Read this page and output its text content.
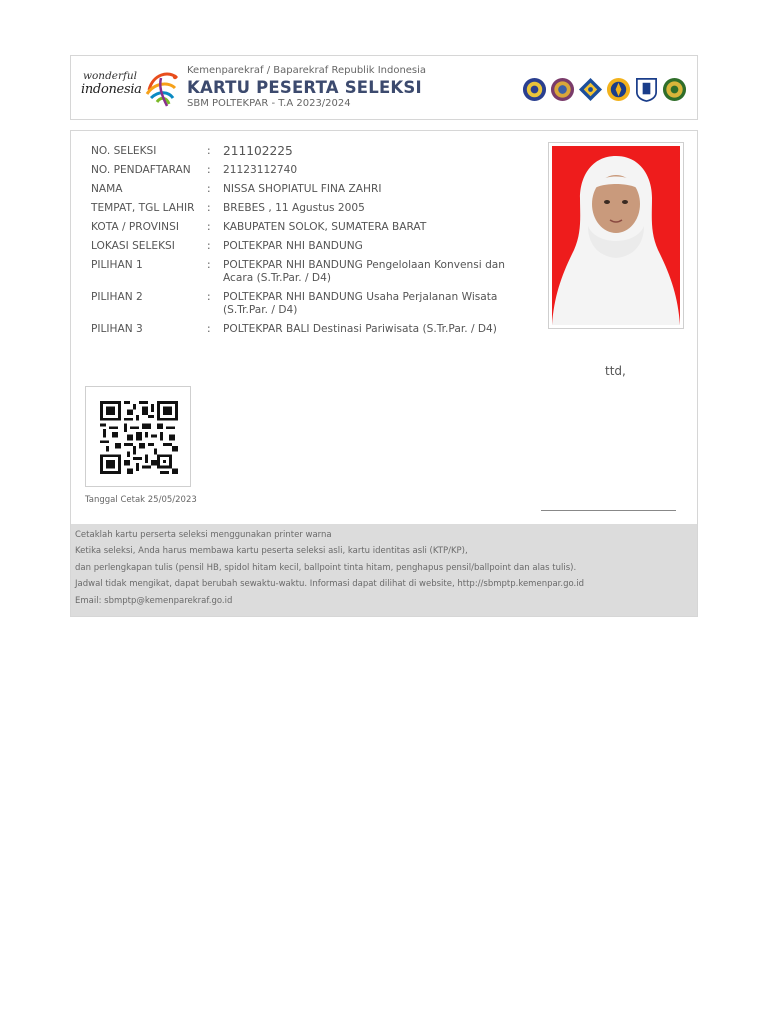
wonderful
indonesia
Kemenparekraf / Baparekraf Republik Indonesia
KARTU PESERTA SELEKSI
SBM POLTEKPAR - T.A 2023/2024
NO. SELEKSI	:	211102225
NO. PENDAFTARAN	:	21123112740
NAMA	:	NISSA SHOPIATUL FINA ZAHRI
TEMPAT, TGL LAHIR	:	BREBES , 11 Agustus 2005
KOTA / PROVINSI	:	KABUPATEN SOLOK, SUMATERA BARAT
LOKASI SELEKSI	:	POLTEKPAR NHI BANDUNG
PILIHAN 1	:	POLTEKPAR NHI BANDUNG Pengelolaan Konvensi dan Acara (S.Tr.Par. / D4)
PILIHAN 2	:	POLTEKPAR NHI BANDUNG Usaha Perjalanan Wisata (S.Tr.Par. / D4)
PILIHAN 3	:	POLTEKPAR BALI Destinasi Pariwisata (S.Tr.Par. / D4)
ttd,
Tanggal Cetak 25/05/2023

Cetaklah kartu perserta seleksi menggunakan printer warna

Ketika seleksi, Anda harus membawa kartu peserta seleksi asli, kartu identitas asli (KTP/KP),

dan perlengkapan tulis (pensil HB, spidol hitam kecil, ballpoint tinta hitam, penghapus pensil/ballpoint dan alas tulis).

Jadwal tidak mengikat, dapat berubah sewaktu-waktu. Informasi dapat dilihat di website, http://sbmptp.kemenpar.go.id

Email: sbmptp@kemenparekraf.go.id
